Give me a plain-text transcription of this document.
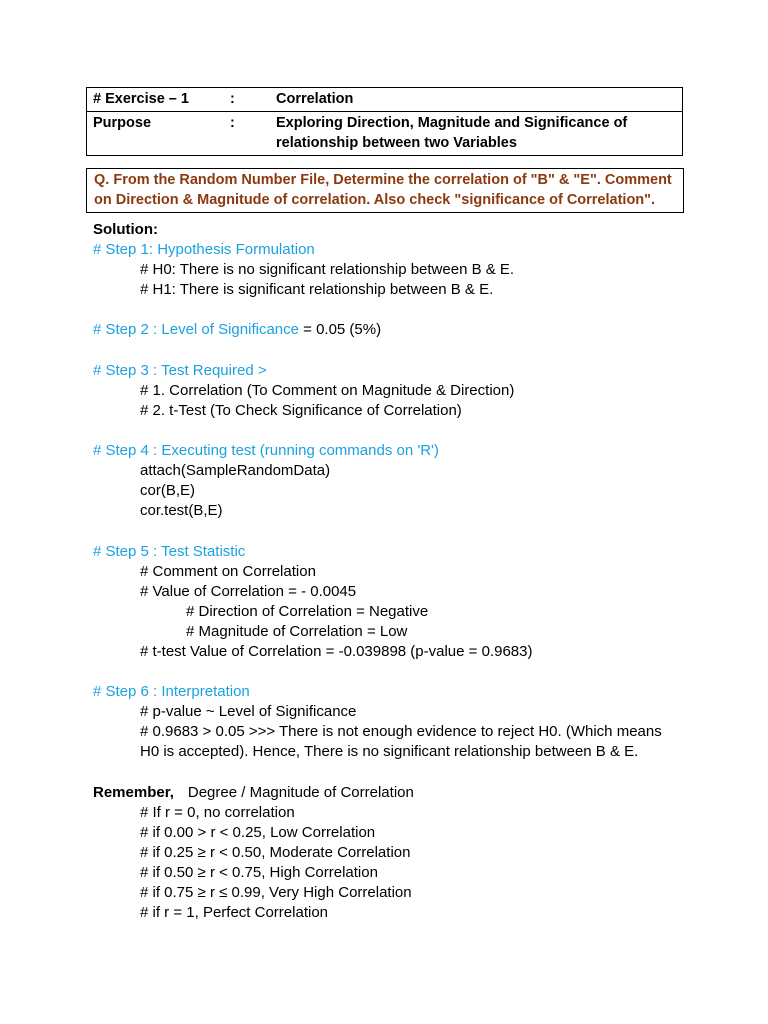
# Exercise – 1	:	Correlation
Purpose	:	Exploring Direction, Magnitude and Significance of relationship between two Variables
Q. From the Random Number File, Determine the correlation of "B" & "E". Comment on Direction & Magnitude of correlation. Also check "significance of Correlation".
Solution:
# Step 1: Hypothesis Formulation
# H0: There is no significant relationship between B & E.
# H1: There is significant relationship between B & E.
# Step 2 : Level of Significance = 0.05 (5%)
# Step 3 : Test Required >
# 1. Correlation (To Comment on Magnitude & Direction)
# 2. t-Test (To Check Significance of Correlation)
# Step 4 : Executing test (running commands on 'R')
attach(SampleRandomData)
cor(B,E)
cor.test(B,E)
# Step 5 : Test Statistic
# Comment on Correlation
# Value of Correlation = - 0.0045
# Direction of Correlation = Negative
# Magnitude of Correlation = Low
# t-test Value of Correlation = -0.039898 (p-value = 0.9683)
# Step 6 : Interpretation
# p-value ~ Level of Significance
# 0.9683 > 0.05 >>> There is not enough evidence to reject H0. (Which means H0 is accepted). Hence, There is no significant relationship between B & E.
Remember, Degree / Magnitude of Correlation
# If r = 0, no correlation
# if 0.00 > r < 0.25, Low Correlation
# if 0.25 ≥ r < 0.50, Moderate Correlation
# if 0.50 ≥ r < 0.75, High Correlation
# if 0.75 ≥ r ≤ 0.99, Very High Correlation
# if r = 1, Perfect Correlation
